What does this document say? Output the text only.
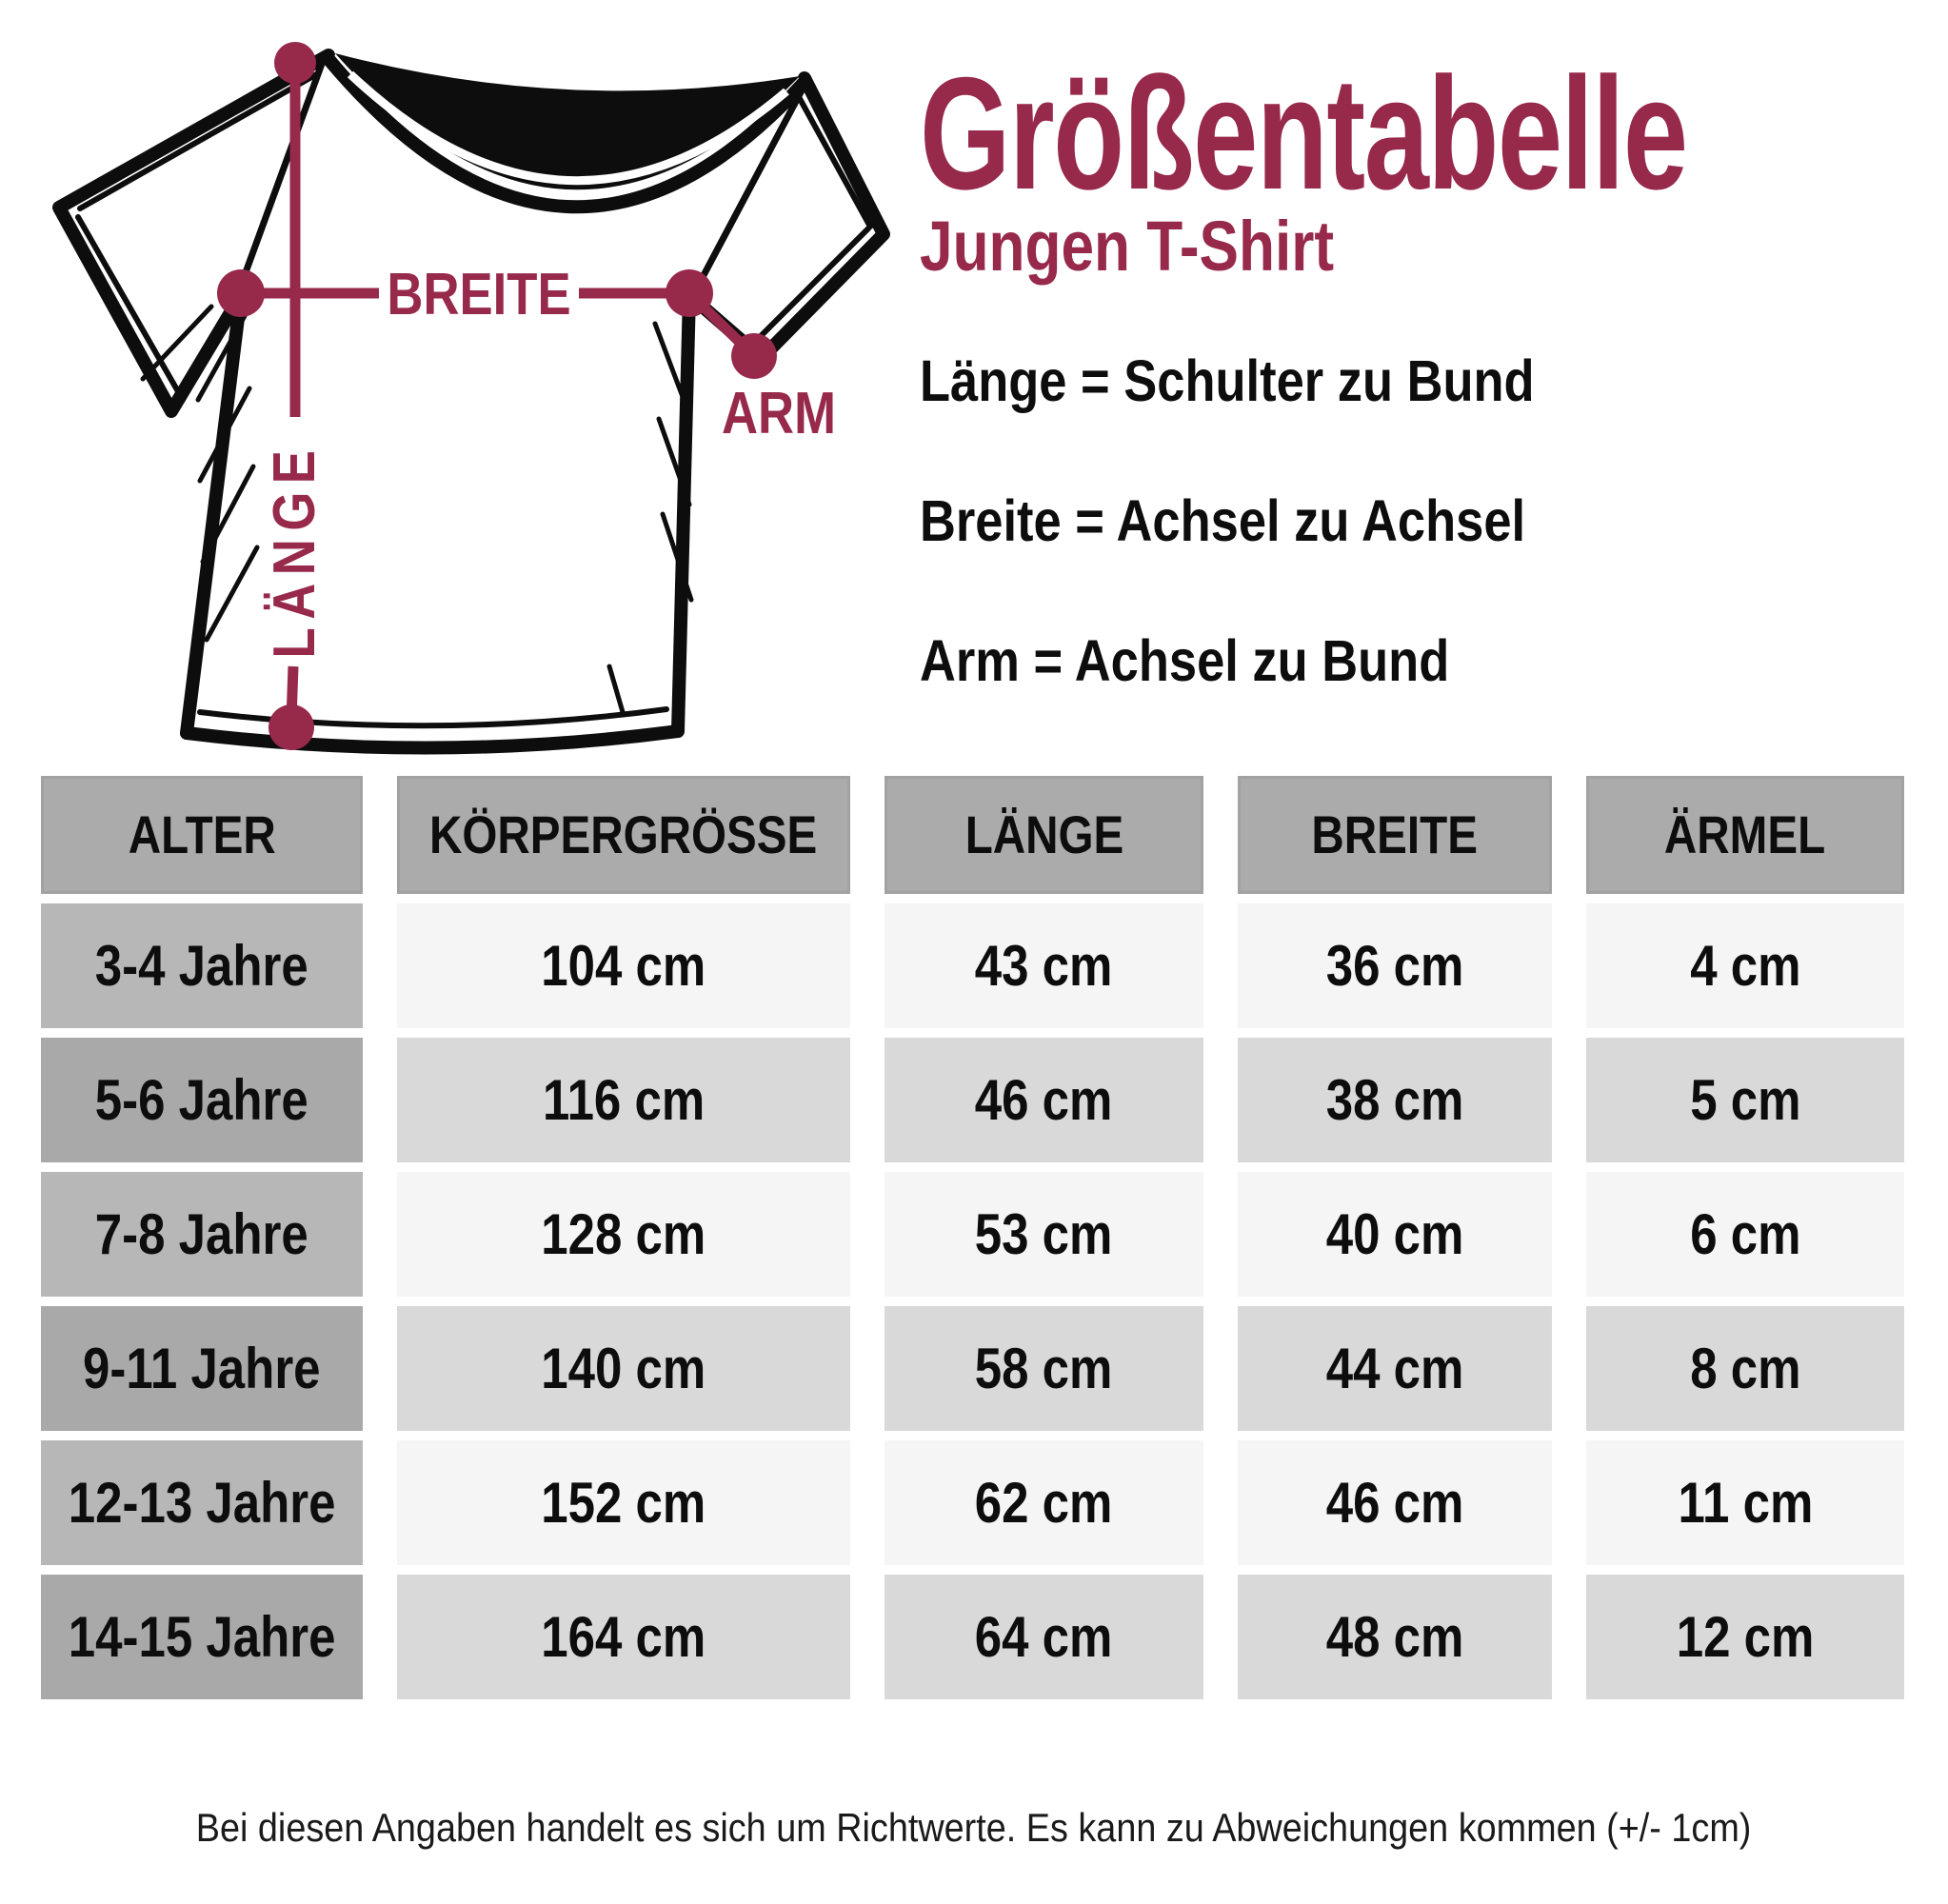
BREITE
ARM
LÄNGE
Größentabelle
Jungen T-Shirt

Länge = Schulter zu Bund

Breite = Achsel zu Achsel

Arm = Achsel zu Bund

ALTER	KÖRPERGRÖSSE	LÄNGE	BREITE	ÄRMEL
3-4 Jahre	104 cm	43 cm	36 cm	4 cm
5-6 Jahre	116 cm	46 cm	38 cm	5 cm
7-8 Jahre	128 cm	53 cm	40 cm	6 cm
9-11 Jahre	140 cm	58 cm	44 cm	8 cm
12-13 Jahre	152 cm	62 cm	46 cm	11 cm
14-15 Jahre	164 cm	64 cm	48 cm	12 cm
Bei diesen Angaben handelt es sich um Richtwerte. Es kann zu Abweichungen kommen (+/- 1cm)
